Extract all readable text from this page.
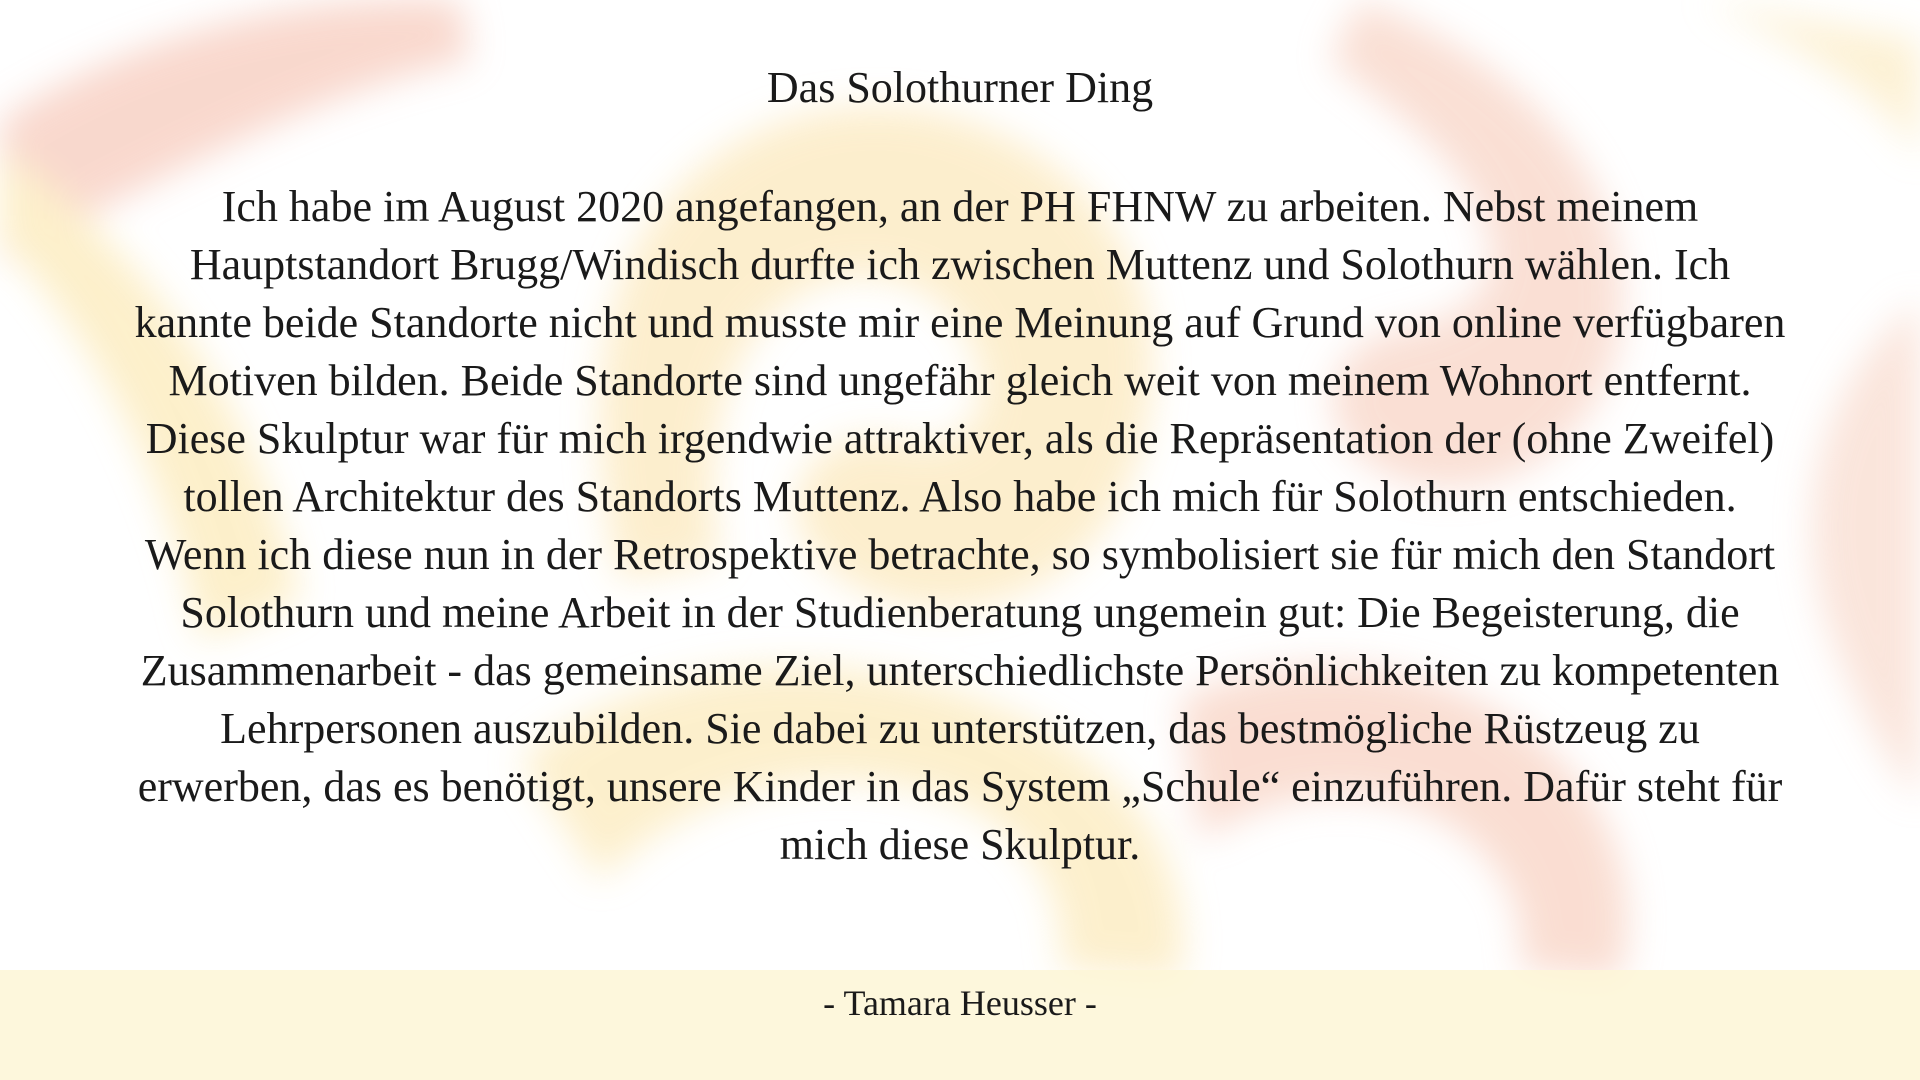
Das Solothurner Ding

Ich habe im August 2020 angefangen, an der PH FHNW zu arbeiten. Nebst meinem Hauptstandort Brugg/Windisch durfte ich zwischen Muttenz und Solothurn wählen. Ich kannte beide Standorte nicht und musste mir eine Meinung auf Grund von online verfügbaren Motiven bilden. Beide Standorte sind ungefähr gleich weit von meinem Wohnort entfernt. Diese Skulptur war für mich irgendwie attraktiver, als die Repräsentation der (ohne Zweifel) tollen Architektur des Standorts Muttenz. Also habe ich mich für Solothurn entschieden. Wenn ich diese nun in der Retrospektive betrachte, so symbolisiert sie für mich den Standort Solothurn und meine Arbeit in der Studienberatung ungemein gut: Die Begeisterung, die Zusammenarbeit - das gemeinsame Ziel, unterschiedlichste Persönlichkeiten zu kompetenten Lehrpersonen auszubilden. Sie dabei zu unterstützen, das bestmögliche Rüstzeug zu erwerben, das es benötigt, unsere Kinder in das System „Schule“ einzuführen. Dafür steht für mich diese Skulptur.

- Tamara Heusser -
